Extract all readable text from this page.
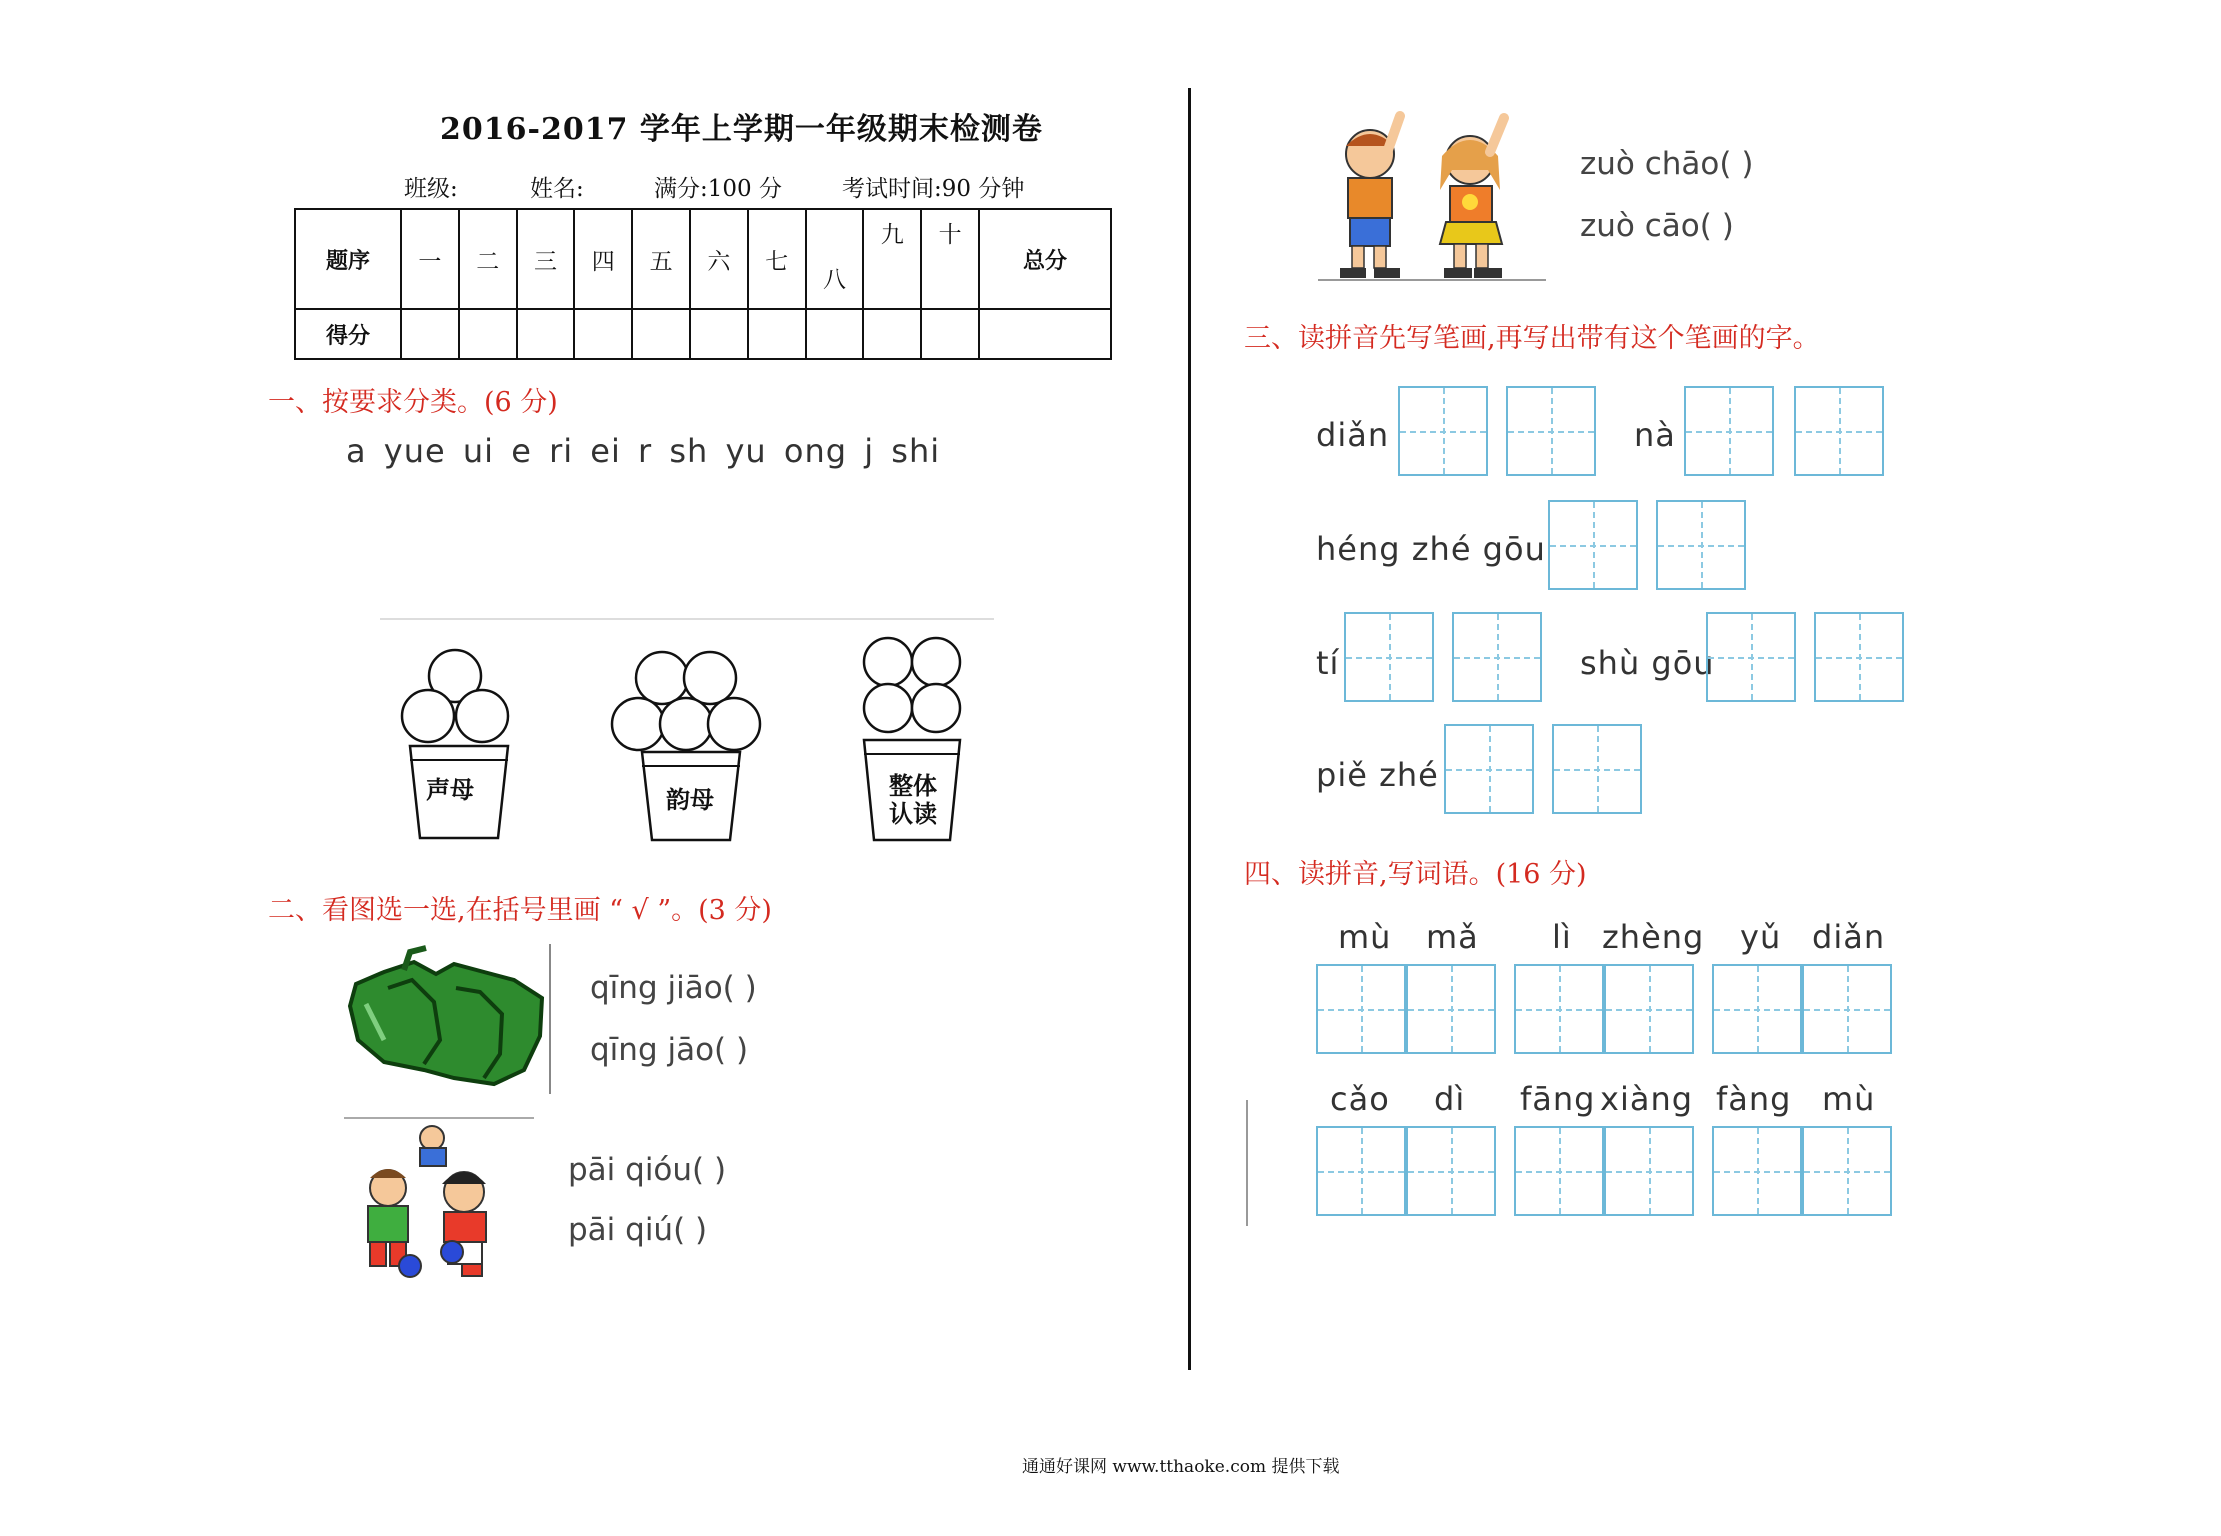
2016-2017 学年上学期一年级期末检测卷
班级:	姓名:	满分:100 分	考试时间:90 分钟
题序	一	二	三	四	五	六	七	八	九	十	总分
得分											
一、按要求分类。(6 分)
a yue ui e ri ei r sh yu ong j shi
声母	韵母	整体认读
二、看图选一选,在括号里画 “ √ ”。(3 分)
qīng jiāo( )
qīng jāo( )
pāi qióu( )
pāi qiú( )
zuò chāo( )
zuò cāo( )
三、读拼音先写笔画,再写出带有这个笔画的字。
diǎn	nà
héng zhé gōu
tí	shù gōu
piě zhé
四、读拼音,写词语。(16 分)
mù mǎ lì zhèng yǔ diǎn
cǎo dì fāng xiàng fàng mù
通通好课网 www.tthaoke.com 提供下载
